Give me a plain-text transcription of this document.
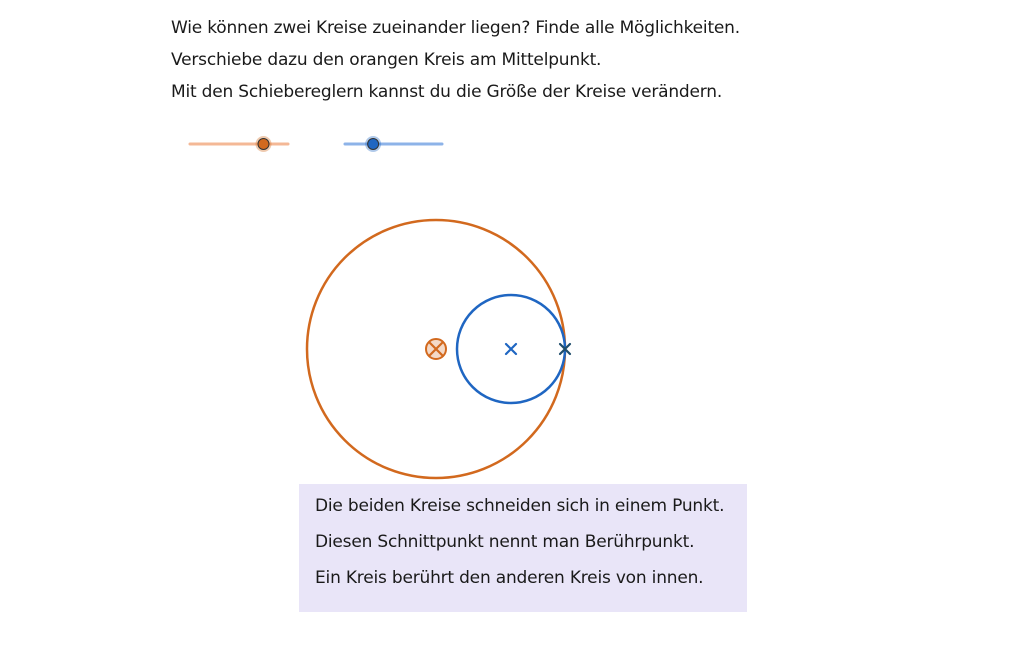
Wie können zwei Kreise zueinander liegen? Finde alle Möglichkeiten.
Verschiebe dazu den orangen Kreis am Mittelpunkt.
Mit den Schiebereglern kannst du die Größe der Kreise verändern.
Die beiden Kreise schneiden sich in einem Punkt.
Diesen Schnittpunkt nennt man Berührpunkt.
Ein Kreis berührt den anderen Kreis von innen.
